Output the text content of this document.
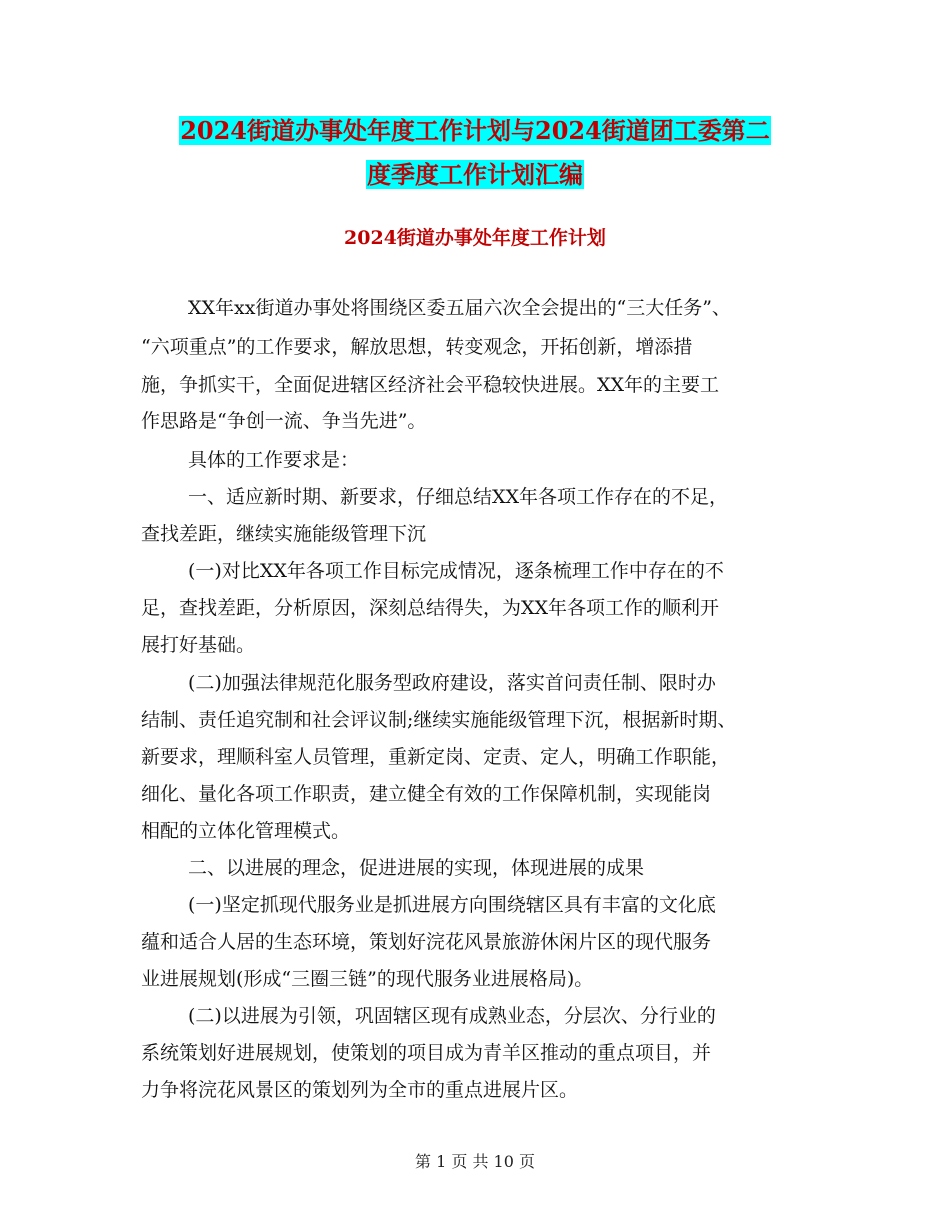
2024街道办事处年度工作计划与2024街道团工委第二
度季度工作计划汇编
2024街道办事处年度工作计划

XX年xx街道办事处将围绕区委五届六次全会提出的“三大任务”、

“六项重点”的工作要求，解放思想，转变观念，开拓创新，增添措

施，争抓实干，全面促进辖区经济社会平稳较快进展。XX年的主要工

作思路是“争创一流、争当先进”。

具体的工作要求是：

一、适应新时期、新要求，仔细总结XX年各项工作存在的不足，

查找差距，继续实施能级管理下沉

(一)对比XX年各项工作目标完成情况，逐条梳理工作中存在的不

足，查找差距，分析原因，深刻总结得失，为XX年各项工作的顺利开

展打好基础。

(二)加强法律规范化服务型政府建设，落实首问责任制、限时办

结制、责任追究制和社会评议制;继续实施能级管理下沉，根据新时期、

新要求，理顺科室人员管理，重新定岗、定责、定人，明确工作职能，

细化、量化各项工作职责，建立健全有效的工作保障机制，实现能岗

相配的立体化管理模式。

二、以进展的理念，促进进展的实现，体现进展的成果

(一)坚定抓现代服务业是抓进展方向围绕辖区具有丰富的文化底

蕴和适合人居的生态环境，策划好浣花风景旅游休闲片区的现代服务

业进展规划(形成“三圈三链”的现代服务业进展格局)。

(二)以进展为引领，巩固辖区现有成熟业态，分层次、分行业的

系统策划好进展规划，使策划的项目成为青羊区推动的重点项目，并

力争将浣花风景区的策划列为全市的重点进展片区。

第 1 页 共 10 页
